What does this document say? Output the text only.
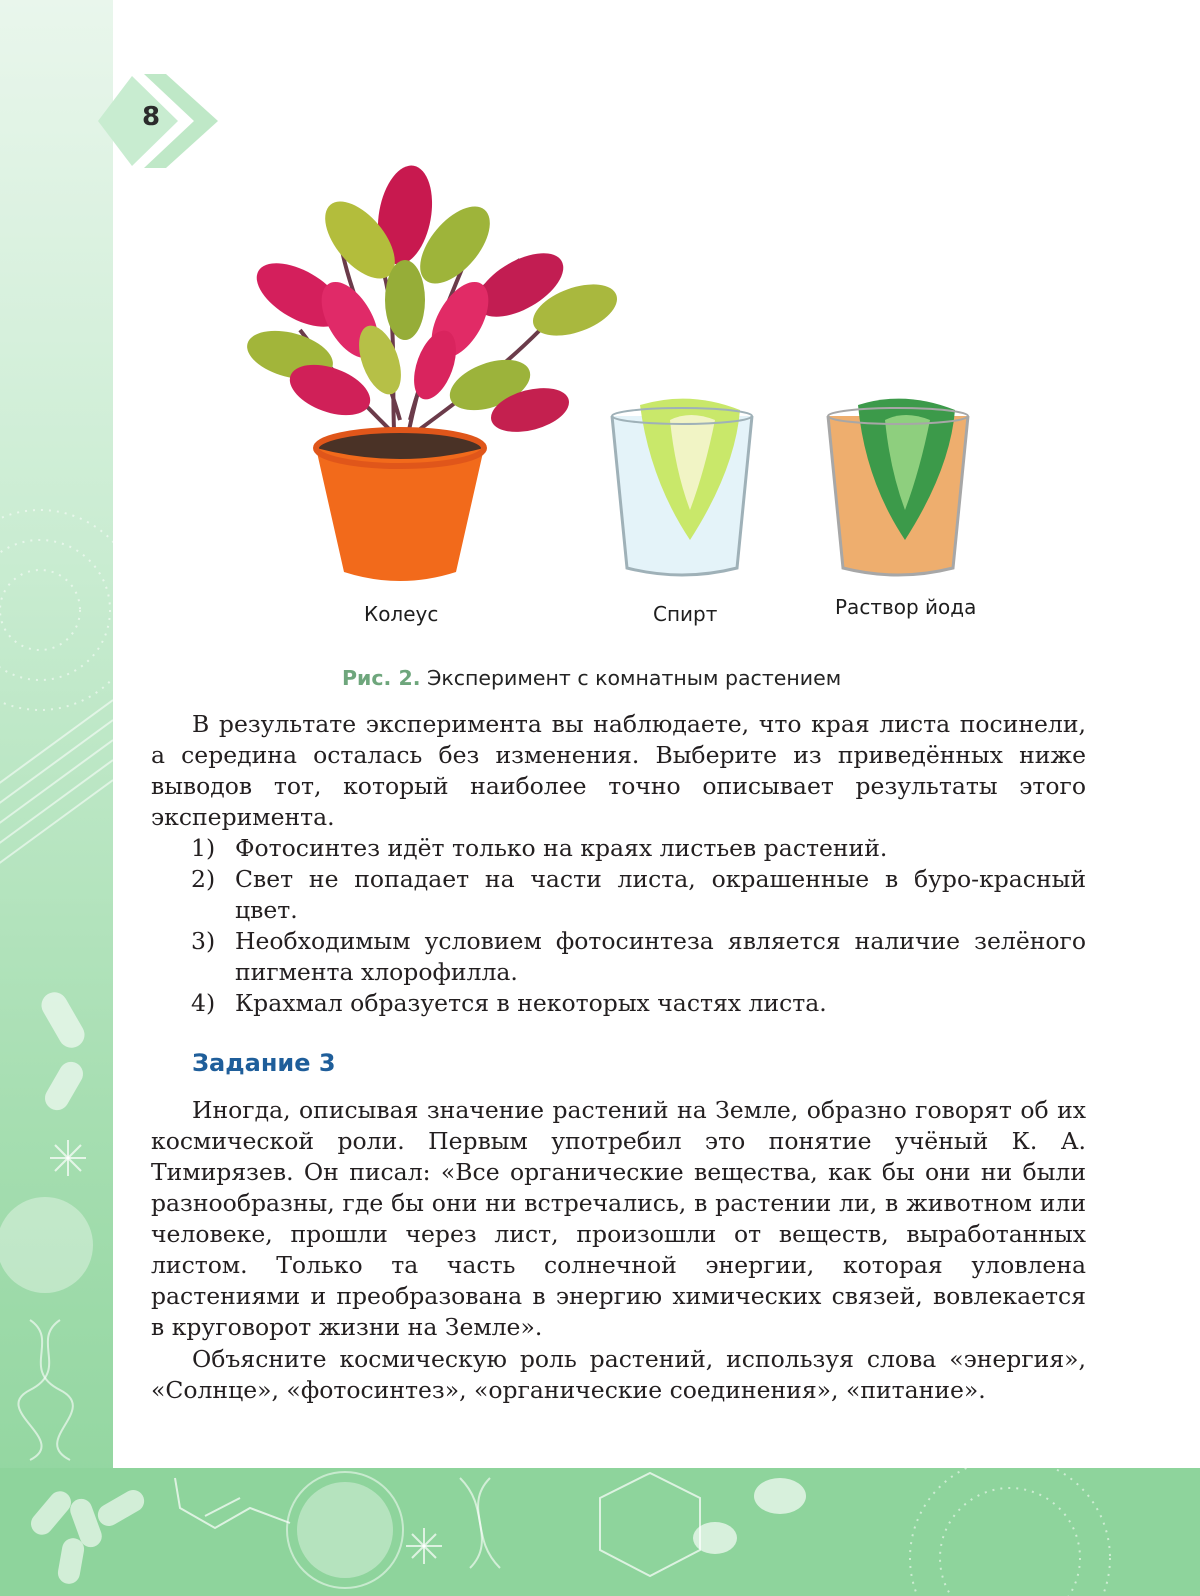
8
Колеус	Спирт	Раствор йода
Рис. 2. Эксперимент с комнатным растением

В результате эксперимента вы наблюдаете, что края листа посинели, а середина осталась без изменения. Выберите из приведённых ниже выводов тот, который наиболее точно описывает результаты этого эксперимента.

1) Фотосинтез идёт только на краях листьев растений.
2) Свет не попадает на части листа, окрашенные в буро-красный цвет.
3) Необходимым условием фотосинтеза является наличие зелёного пигмента хлорофилла.
4) Крахмал образуется в некоторых частях листа.
Задание 3

Иногда, описывая значение растений на Земле, образно говорят об их космической роли. Первым употребил это понятие учёный К. А. Тимирязев. Он писал: «Все органические вещества, как бы они ни были разнообразны, где бы они ни встречались, в растении ли, в животном или человеке, прошли через лист, произошли от веществ, выработанных листом. Только та часть солнечной энергии, которая уловлена растениями и преобразована в энергию химических связей, вовлекается в круговорот жизни на Земле».

Объясните космическую роль растений, используя слова «энергия», «Солнце», «фотосинтез», «органические соединения», «питание».
